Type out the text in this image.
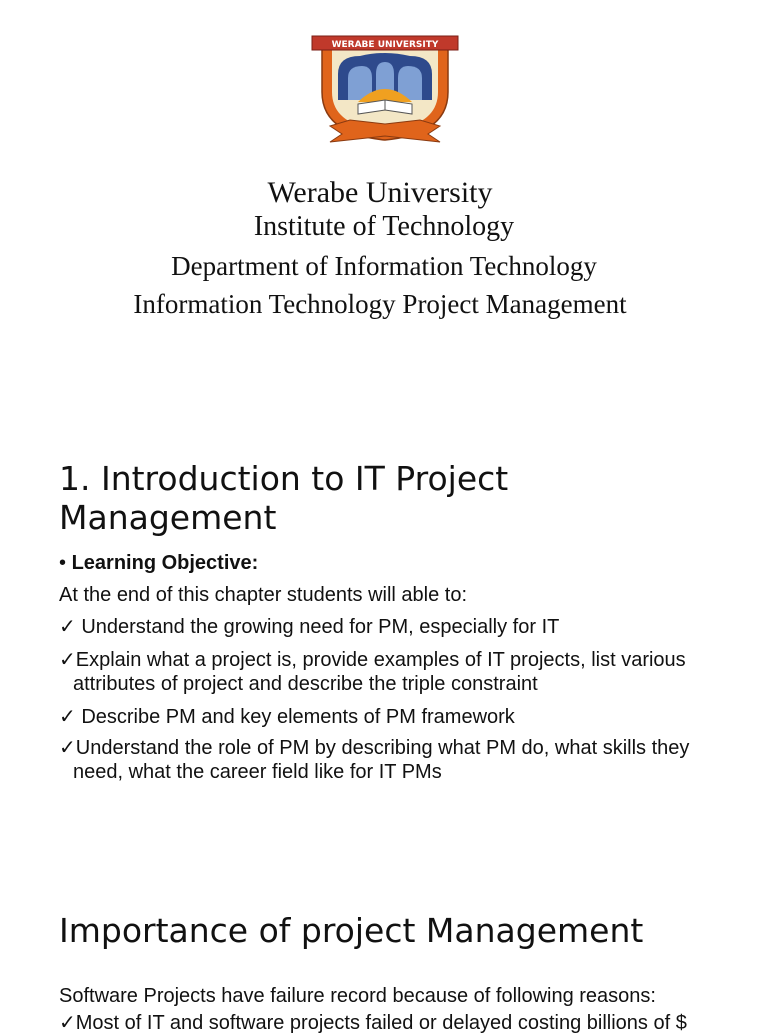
WERABE UNIVERSITY
Werabe University
Institute of Technology
Department of Information Technology
Information Technology Project Management
1. Introduction to IT Project Management
• Learning Objective:
At the end of this chapter students will able to:
✓ Understand the growing need for PM, especially for IT
✓Explain what a project is, provide examples of IT projects, list various
attributes of project and describe the triple constraint
✓ Describe PM and key elements of PM framework
✓Understand the role of PM by describing what PM do, what skills they
need, what the career field like for IT PMs
Importance of project Management
Software Projects have failure record because of following reasons:
✓Most of IT and software projects failed or delayed costing billions of $
